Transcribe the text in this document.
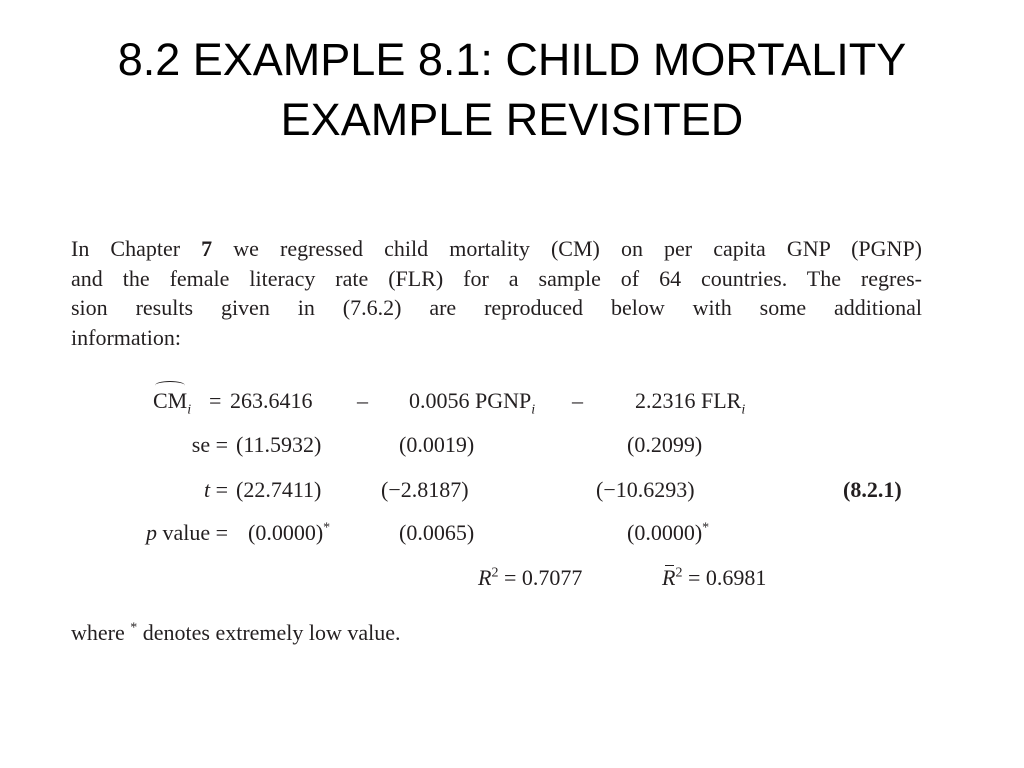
8.2 EXAMPLE 8.1: CHILD MORTALITY
EXAMPLE REVISITED
In Chapter 7 we regressed child mortality (CM) on per capita GNP (PGNP)
and the female literacy rate (FLR) for a sample of 64 countries. The regres-
sion results given in (7.6.2) are reproduced below with some additional
information:
$CM_i = 263.6416 - 0.0056$ $PGNP_i - 2.2316$ $FLR_i$
se = (11.5932)	(0.0019)	(0.2099)
t = (22.7411)	(−2.8187)	(−10.6293)	(8.2.1)
p value = (0.0000)*	(0.0065)	(0.0000)*
$R^2 = 0.7077$	$R^2 = 0.6981$
where * denotes extremely low value.
